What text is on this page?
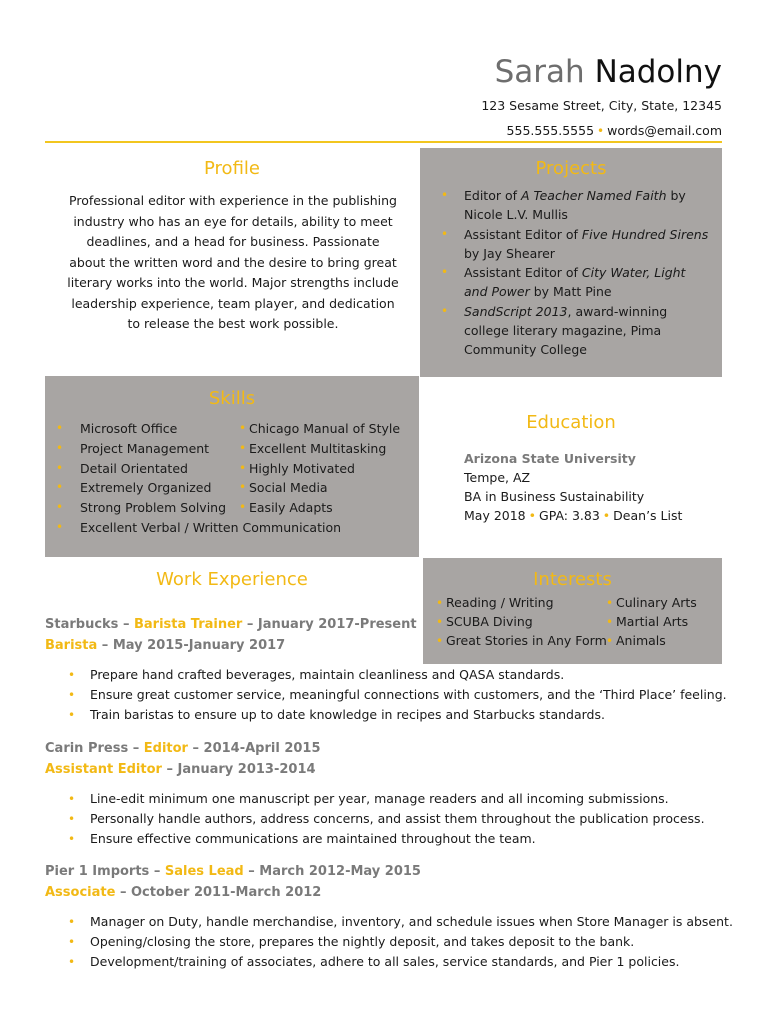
Sarah Nadolny
123 Sesame Street, City, State, 12345
555.555.5555 • words@email.com
Profile

Professional editor with experience in the publishing industry who has an eye for details, ability to meet deadlines, and a head for business. Passionate about the written word and the desire to bring great literary works into the world. Major strengths include leadership experience, team player, and dedication to release the best work possible.

Projects
• Editor of A Teacher Named Faith by Nicole L.V. Mullis
• Assistant Editor of Five Hundred Sirens by Jay Shearer
• Assistant Editor of City Water, Light and Power by Matt Pine
• SandScript 2013, award-winning college literary magazine, Pima Community College
Skills
• Microsoft Office
• Project Management
• Detail Orientated
• Extremely Organized
• Strong Problem Solving
• Excellent Verbal / Written Communication
• Chicago Manual of Style
• Excellent Multitasking
• Highly Motivated
• Social Media
• Easily Adapts
Education
Arizona State University
Tempe, AZ
BA in Business Sustainability
May 2018 • GPA: 3.83 • Dean’s List
Work Experience	Interests
• Reading / Writing
• SCUBA Diving
• Great Stories in Any Form
• Culinary Arts
• Martial Arts
• Animals
Starbucks – Barista Trainer – January 2017-Present
Barista – May 2015-January 2017
• Prepare hand crafted beverages, maintain cleanliness and QASA standards.
• Ensure great customer service, meaningful connections with customers, and the ‘Third Place’ feeling.
• Train baristas to ensure up to date knowledge in recipes and Starbucks standards.
Carin Press – Editor – 2014-April 2015
Assistant Editor – January 2013-2014
• Line-edit minimum one manuscript per year, manage readers and all incoming submissions.
• Personally handle authors, address concerns, and assist them throughout the publication process.
• Ensure effective communications are maintained throughout the team.
Pier 1 Imports – Sales Lead – March 2012-May 2015
Associate – October 2011-March 2012
• Manager on Duty, handle merchandise, inventory, and schedule issues when Store Manager is absent.
• Opening/closing the store, prepares the nightly deposit, and takes deposit to the bank.
• Development/training of associates, adhere to all sales, service standards, and Pier 1 policies.
